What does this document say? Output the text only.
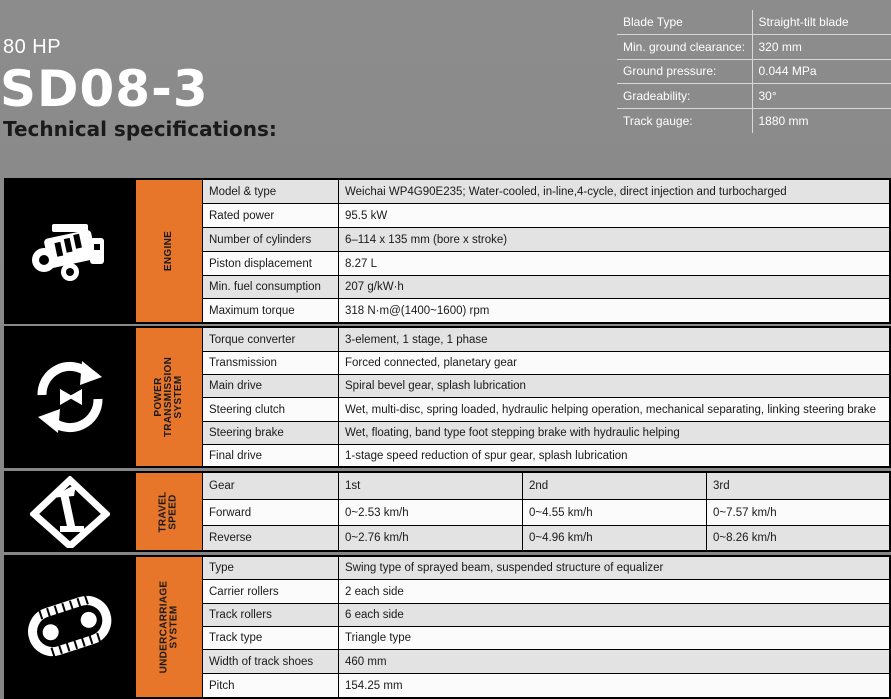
80 HP
SD08-3
Technical specifications:
Blade Type	Straight-tilt blade
Min. ground clearance:	320 mm
Ground pressure:	0.044 MPa
Gradeability:	30°
Track gauge:	1880 mm
ENGINE
Model & type	Weichai WP4G90E235; Water-cooled, in-line,4-cycle, direct injection and turbocharged
Rated power	95.5 kW
Number of cylinders	6–114 x 135 mm (bore x stroke)
Piston displacement	8.27 L
Min. fuel consumption	207 g/kW·h
Maximum torque	318 N·m@(1400~1600) rpm
POWER
TRANSMISSION
SYSTEM
Torque converter	3-element, 1 stage, 1 phase
Transmission	Forced connected, planetary gear
Main drive	Spiral bevel gear, splash lubrication
Steering clutch	Wet, multi-disc, spring loaded, hydraulic helping operation, mechanical separating, linking steering brake
Steering brake	Wet, floating, band type foot stepping brake with hydraulic helping
Final drive	1-stage speed reduction of spur gear, splash lubrication
TRAVEL
SPEED
Gear	1st	2nd	3rd
Forward	0~2.53 km/h	0~4.55 km/h	0~7.57 km/h
Reverse	0~2.76 km/h	0~4.96 km/h	0~8.26 km/h
UNDERCARRIAGE
SYSTEM
Type	Swing type of sprayed beam, suspended structure of equalizer
Carrier rollers	2 each side
Track rollers	6 each side
Track type	Triangle type
Width of track shoes	460 mm
Pitch	154.25 mm
